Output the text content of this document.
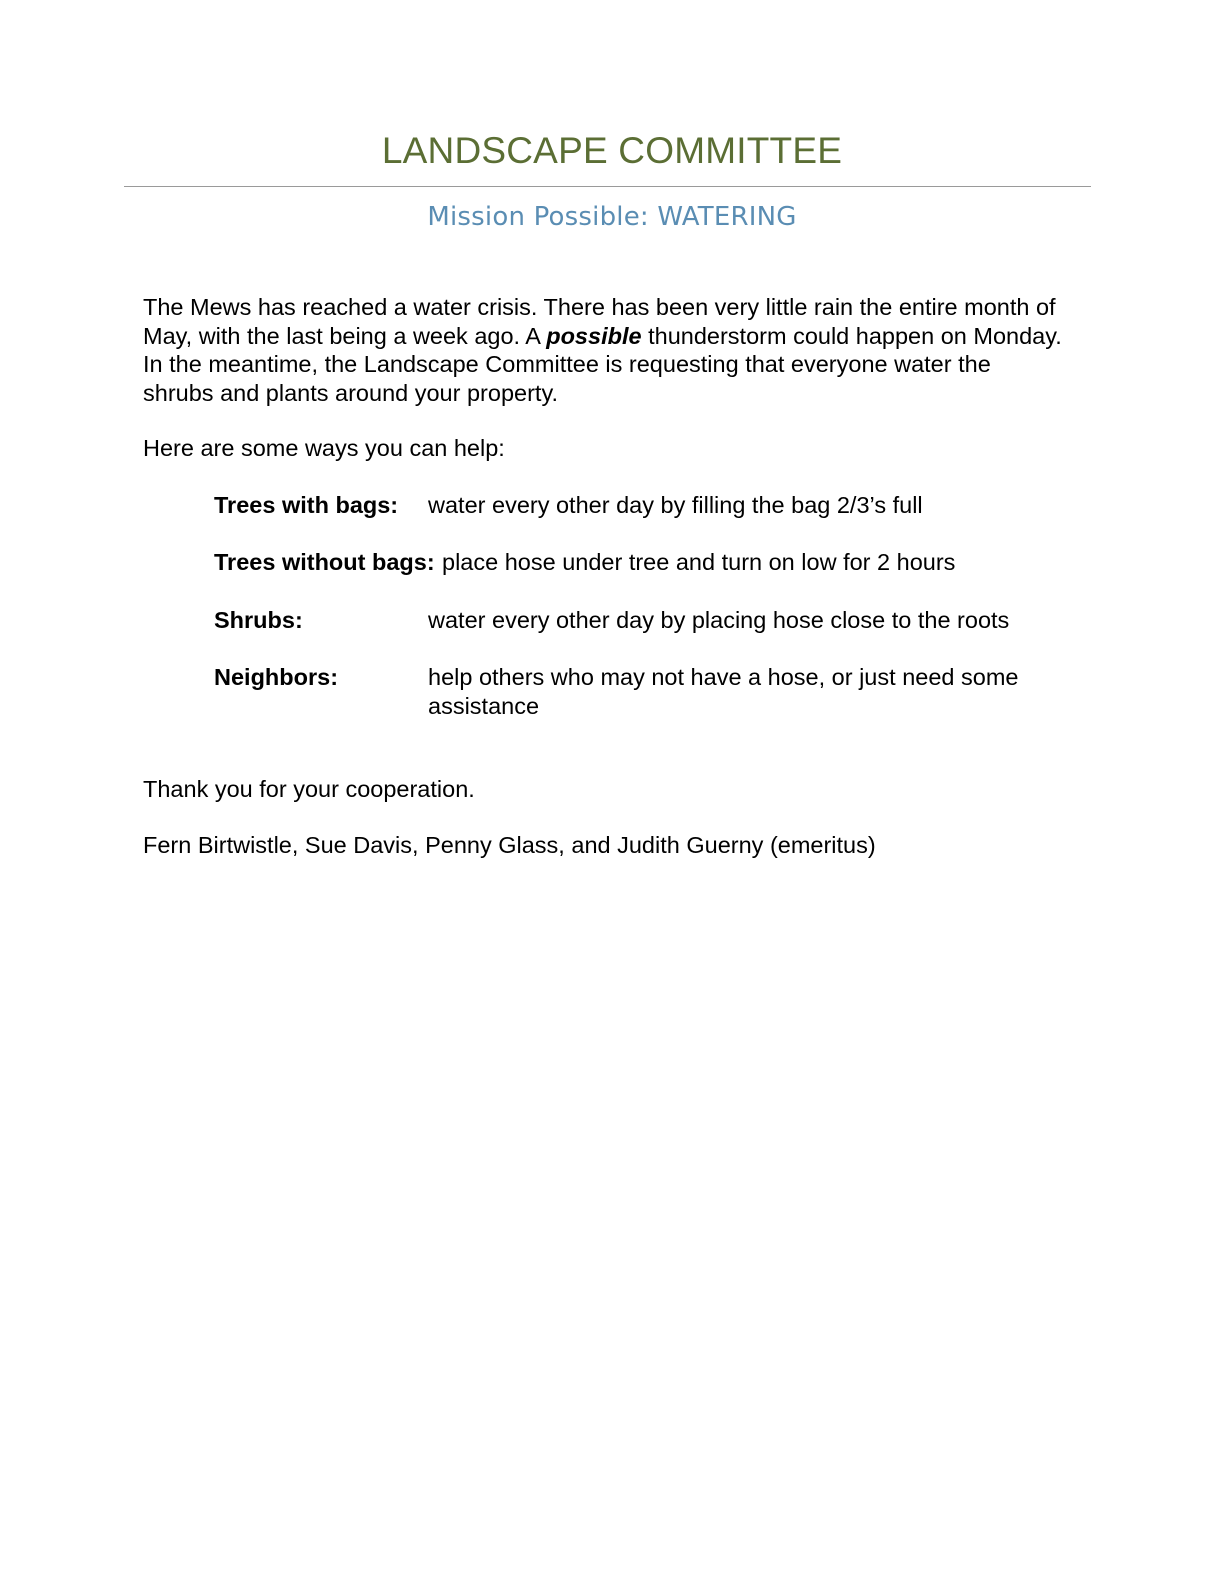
LANDSCAPE COMMITTEE
Mission Possible: WATERING
The Mews has reached a water crisis. There has been very little rain the entire month of May, with the last being a week ago. A possible thunderstorm could happen on Monday. In the meantime, the Landscape Committee is requesting that everyone water the shrubs and plants around your property.
Here are some ways you can help:
Trees with bags: water every other day by filling the bag 2/3’s full
Trees without bags: place hose under tree and turn on low for 2 hours
Shrubs:	water every other day by placing hose close to the roots
Neighbors:	help others who may not have a hose, or just need some assistance
Thank you for your cooperation.
Fern Birtwistle, Sue Davis, Penny Glass, and Judith Guerny (emeritus)
